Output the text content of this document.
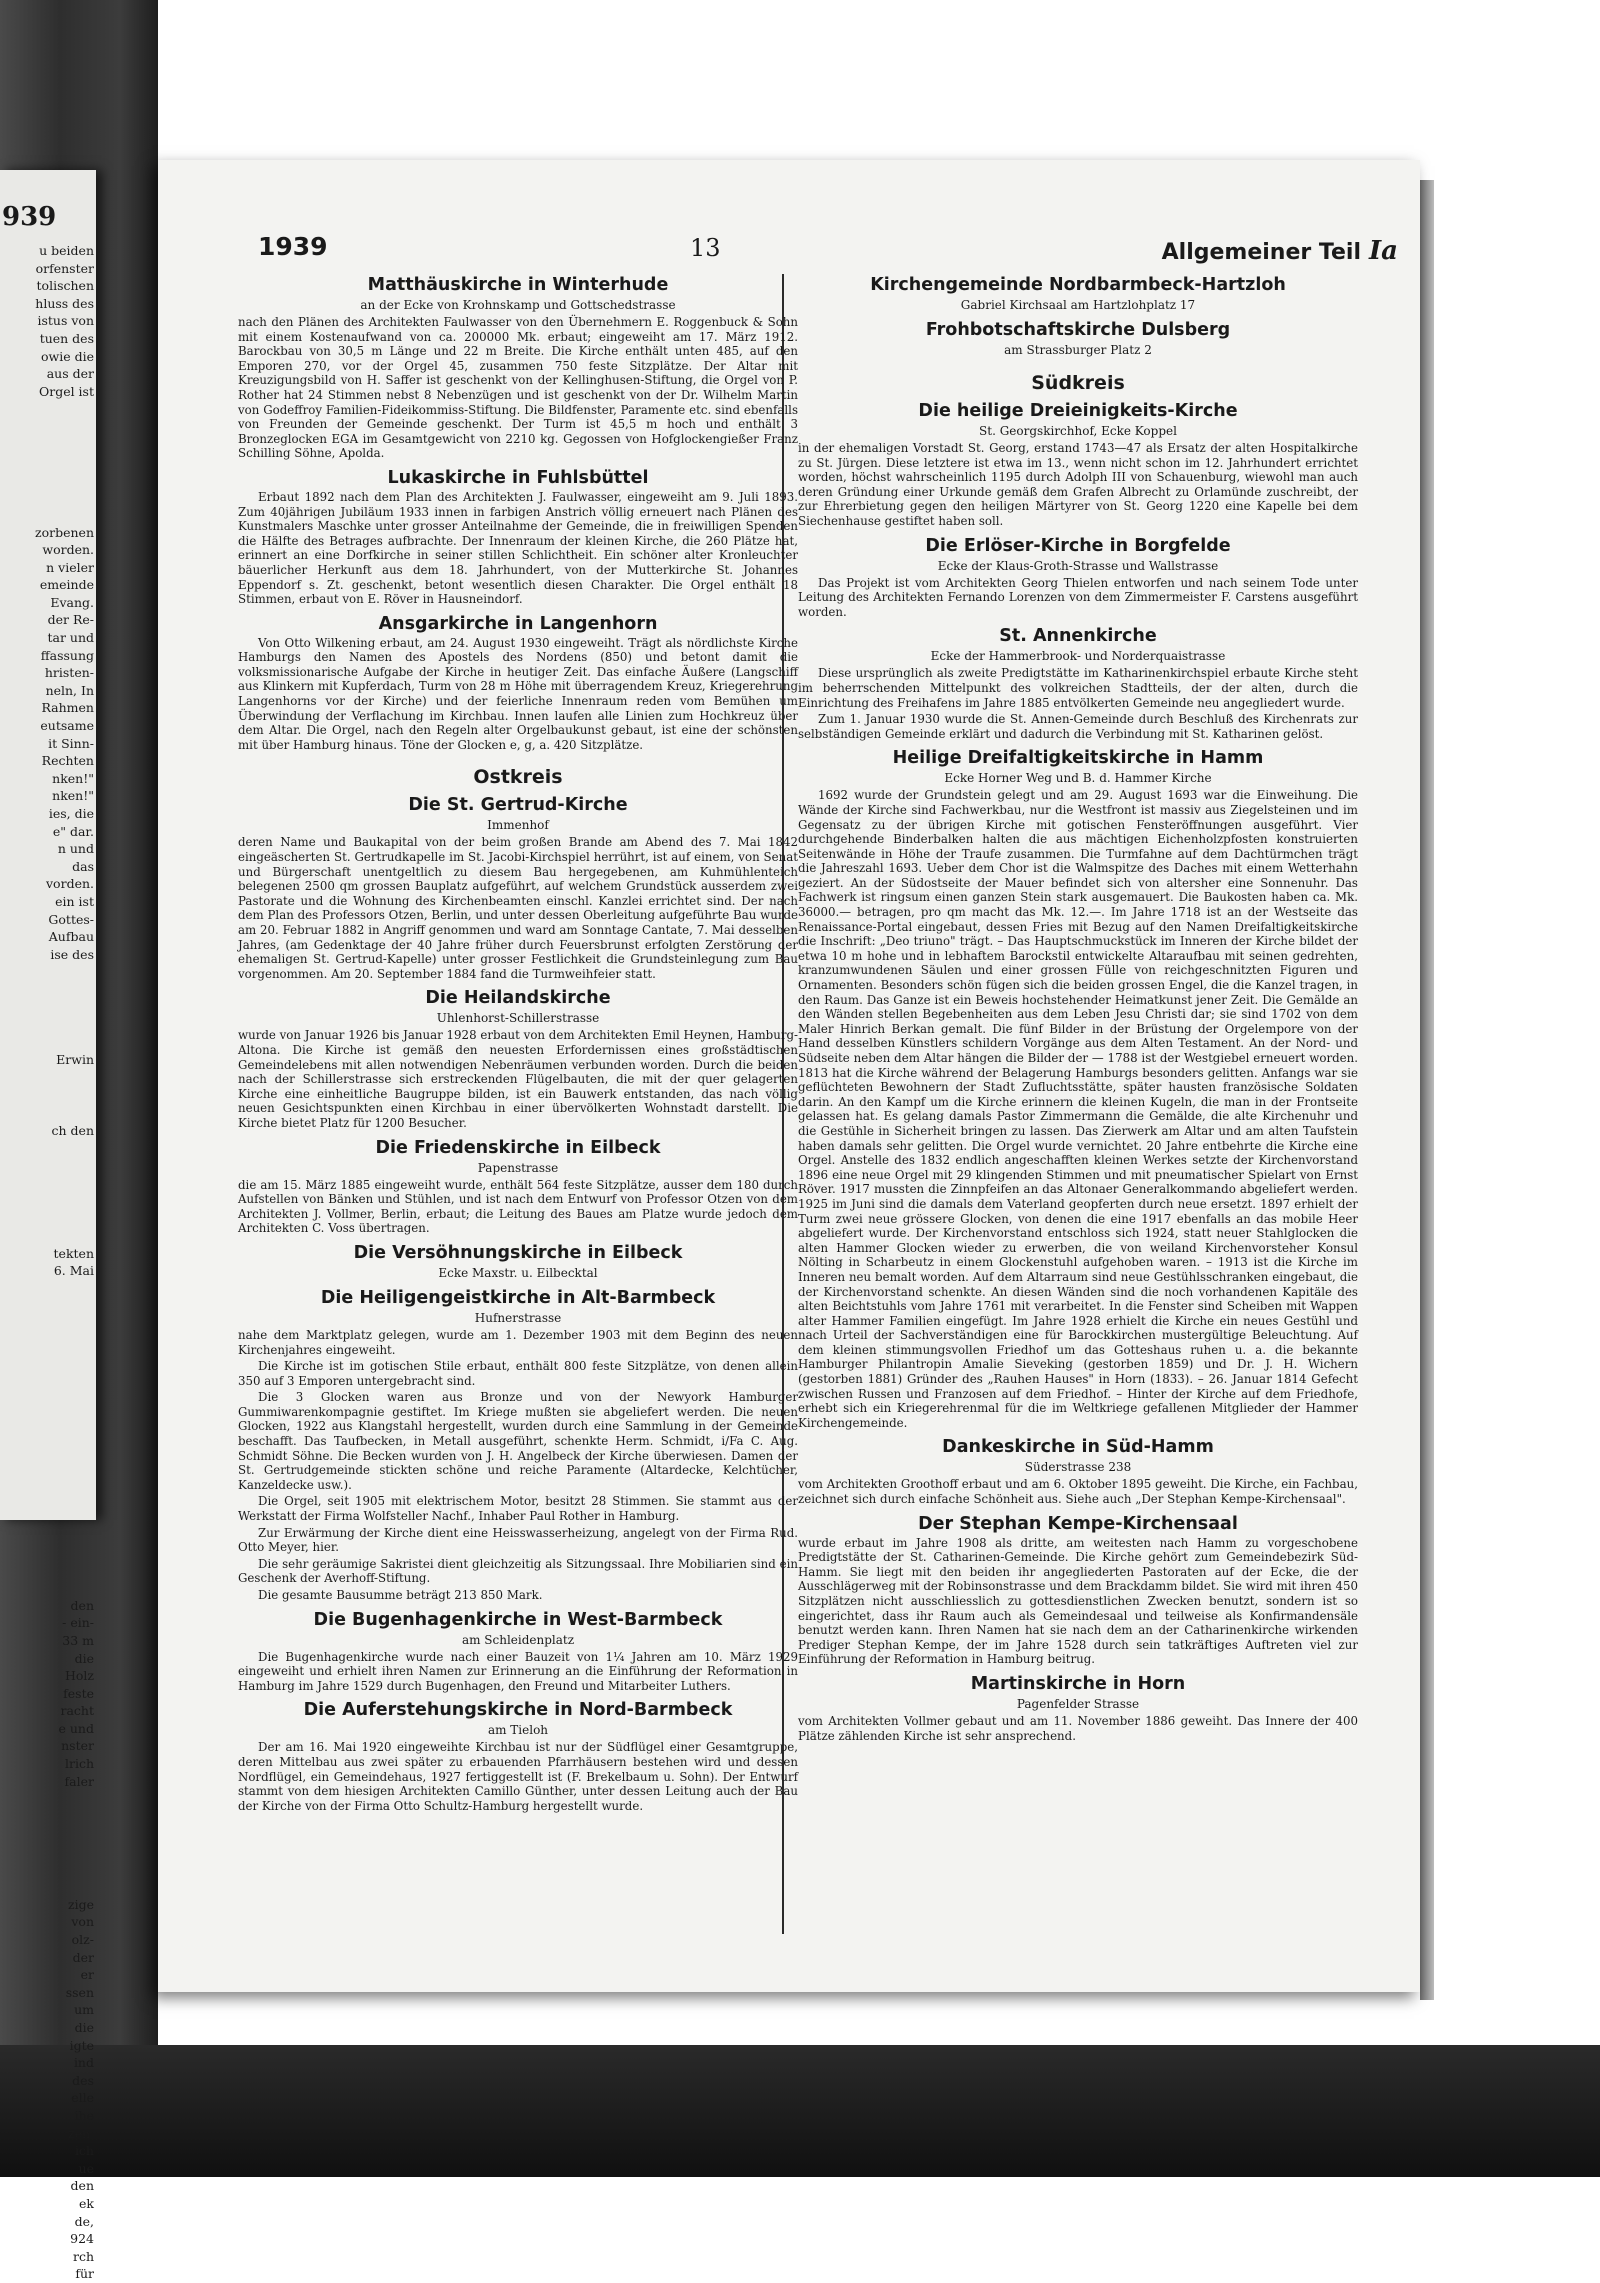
939
u beiden
orfenster
tolischen
hluss des
istus von
tuen des
owie die
aus der
Orgel ist

zorbenen
worden.
n vieler
emeinde
Evang.
der Re-
tar und
ffassung
hristen-
neln, In
Rahmen
eutsame
it Sinn-
Rechten
nken!"
nken!"
ies, die
e" dar.
n und
das
vorden.
ein ist
Gottes-
Aufbau
ise des

Erwin

ch den

tekten
6. Mai

den
- ein-
33 m
die
Holz
feste
racht
e und
nster
lrich
faler

zige
von
olz-
der
er
ssen
um
die
igte
ind
des
elle
ihe
zen.
ich
ue
den
ek
de,
924
rch
für
1939	13	Allgemeiner Teil Ia
Matthäuskirche in Winterhude
an der Ecke von Krohnskamp und Gottschedstrasse
nach den Plänen des Architekten Faulwasser von den Übernehmern E. Roggenbuck & Sohn mit einem Kostenaufwand von ca. 200000 Mk. erbaut; eingeweiht am 17. März 1912. Barockbau von 30,5 m Länge und 22 m Breite. Die Kirche enthält unten 485, auf den Emporen 270, vor der Orgel 45, zusammen 750 feste Sitzplätze. Der Altar mit Kreuzigungsbild von H. Saffer ist geschenkt von der Kellinghusen-Stiftung, die Orgel von P. Rother hat 24 Stimmen nebst 8 Nebenzügen und ist geschenkt von der Dr. Wilhelm Martin von Godeffroy Familien-Fideikommiss-Stiftung. Die Bildfenster, Paramente etc. sind ebenfalls von Freunden der Gemeinde geschenkt. Der Turm ist 45,5 m hoch und enthält 3 Bronzeglocken EGA im Gesamtgewicht von 2210 kg. Gegossen von Hofglockengießer Franz Schilling Söhne, Apolda.
Lukaskirche in Fuhlsbüttel
Erbaut 1892 nach dem Plan des Architekten J. Faulwasser, eingeweiht am 9. Juli 1893. Zum 40jährigen Jubiläum 1933 innen in farbigen Anstrich völlig erneuert nach Plänen des Kunstmalers Maschke unter grosser Anteilnahme der Gemeinde, die in freiwilligen Spenden die Hälfte des Betrages aufbrachte. Der Innenraum der kleinen Kirche, die 260 Plätze hat, erinnert an eine Dorfkirche in seiner stillen Schlichtheit. Ein schöner alter Kronleuchter bäuerlicher Herkunft aus dem 18. Jahrhundert, von der Mutterkirche St. Johannes Eppendorf s. Zt. geschenkt, betont wesentlich diesen Charakter. Die Orgel enthält 18 Stimmen, erbaut von E. Röver in Hausneindorf.
Ansgarkirche in Langenhorn
Von Otto Wilkening erbaut, am 24. August 1930 eingeweiht. Trägt als nördlichste Kirche Hamburgs den Namen des Apostels des Nordens (850) und betont damit die volksmissionarische Aufgabe der Kirche in heutiger Zeit. Das einfache Äußere (Langschiff aus Klinkern mit Kupferdach, Turm von 28 m Höhe mit überragendem Kreuz, Kriegerehrung Langenhorns vor der Kirche) und der feierliche Innenraum reden vom Bemühen um Überwindung der Verflachung im Kirchbau. Innen laufen alle Linien zum Hochkreuz über dem Altar. Die Orgel, nach den Regeln alter Orgelbaukunst gebaut, ist eine der schönsten mit über Hamburg hinaus. Töne der Glocken e, g, a. 420 Sitzplätze.
Ostkreis
Die St. Gertrud-Kirche
Immenhof
deren Name und Baukapital von der beim großen Brande am Abend des 7. Mai 1842 eingeäscherten St. Gertrudkapelle im St. Jacobi-Kirchspiel herrührt, ist auf einem, von Senat und Bürgerschaft unentgeltlich zu diesem Bau hergegebenen, am Kuhmühlenteich belegenen 2500 qm grossen Bauplatz aufgeführt, auf welchem Grundstück ausserdem zwei Pastorate und die Wohnung des Kirchenbeamten einschl. Kanzlei errichtet sind. Der nach dem Plan des Professors Otzen, Berlin, und unter dessen Oberleitung aufgeführte Bau wurde am 20. Februar 1882 in Angriff genommen und ward am Sonntage Cantate, 7. Mai desselben Jahres, (am Gedenktage der 40 Jahre früher durch Feuersbrunst erfolgten Zerstörung der ehemaligen St. Gertrud-Kapelle) unter grosser Festlichkeit die Grundsteinlegung zum Bau vorgenommen. Am 20. September 1884 fand die Turmweihfeier statt.
Die Heilandskirche
Uhlenhorst-Schillerstrasse
wurde von Januar 1926 bis Januar 1928 erbaut von dem Architekten Emil Heynen, Hamburg-Altona. Die Kirche ist gemäß den neuesten Erfordernissen eines großstädtischen Gemeindelebens mit allen notwendigen Nebenräumen verbunden worden. Durch die beiden nach der Schillerstrasse sich erstreckenden Flügelbauten, die mit der quer gelagerten Kirche eine einheitliche Baugruppe bilden, ist ein Bauwerk entstanden, das nach völlig neuen Gesichtspunkten einen Kirchbau in einer übervölkerten Wohnstadt darstellt. Die Kirche bietet Platz für 1200 Besucher.
Die Friedenskirche in Eilbeck
Papenstrasse
die am 15. März 1885 eingeweiht wurde, enthält 564 feste Sitzplätze, ausser dem 180 durch Aufstellen von Bänken und Stühlen, und ist nach dem Entwurf von Professor Otzen von dem Architekten J. Vollmer, Berlin, erbaut; die Leitung des Baues am Platze wurde jedoch dem Architekten C. Voss übertragen.
Die Versöhnungskirche in Eilbeck
Ecke Maxstr. u. Eilbecktal
Die Heiligengeistkirche in Alt-Barmbeck
Hufnerstrasse
nahe dem Marktplatz gelegen, wurde am 1. Dezember 1903 mit dem Beginn des neuen Kirchenjahres eingeweiht.
Die Kirche ist im gotischen Stile erbaut, enthält 800 feste Sitzplätze, von denen allein 350 auf 3 Emporen untergebracht sind.
Die 3 Glocken waren aus Bronze und von der Newyork Hamburger Gummiwarenkompagnie gestiftet. Im Kriege mußten sie abgeliefert werden. Die neuen Glocken, 1922 aus Klangstahl hergestellt, wurden durch eine Sammlung in der Gemeinde beschafft. Das Taufbecken, in Metall ausgeführt, schenkte Herm. Schmidt, i/Fa C. Aug. Schmidt Söhne. Die Becken wurden von J. H. Angelbeck der Kirche überwiesen. Damen der St. Gertrudgemeinde stickten schöne und reiche Paramente (Altardecke, Kelchtücher, Kanzeldecke usw.).
Die Orgel, seit 1905 mit elektrischem Motor, besitzt 28 Stimmen. Sie stammt aus der Werkstatt der Firma Wolfsteller Nachf., Inhaber Paul Rother in Hamburg.
Zur Erwärmung der Kirche dient eine Heisswasserheizung, angelegt von der Firma Rud. Otto Meyer, hier.
Die sehr geräumige Sakristei dient gleichzeitig als Sitzungssaal. Ihre Mobiliarien sind ein Geschenk der Averhoff-Stiftung.
Die gesamte Bausumme beträgt 213 850 Mark.
Die Bugenhagenkirche in West-Barmbeck
am Schleidenplatz
Die Bugenhagenkirche wurde nach einer Bauzeit von 1¼ Jahren am 10. März 1929 eingeweiht und erhielt ihren Namen zur Erinnerung an die Einführung der Reformation in Hamburg im Jahre 1529 durch Bugenhagen, den Freund und Mitarbeiter Luthers.
Die Auferstehungskirche in Nord-Barmbeck
am Tieloh
Der am 16. Mai 1920 eingeweihte Kirchbau ist nur der Südflügel einer Gesamtgruppe, deren Mittelbau aus zwei später zu erbauenden Pfarrhäusern bestehen wird und dessen Nordflügel, ein Gemeindehaus, 1927 fertiggestellt ist (F. Brekelbaum u. Sohn). Der Entwurf stammt von dem hiesigen Architekten Camillo Günther, unter dessen Leitung auch der Bau der Kirche von der Firma Otto Schultz-Hamburg hergestellt wurde.
Kirchengemeinde Nordbarmbeck-Hartzloh
Gabriel Kirchsaal am Hartzlohplatz 17
Frohbotschaftskirche Dulsberg
am Strassburger Platz 2
Südkreis
Die heilige Dreieinigkeits-Kirche
St. Georgskirchhof, Ecke Koppel
in der ehemaligen Vorstadt St. Georg, erstand 1743—47 als Ersatz der alten Hospitalkirche zu St. Jürgen. Diese letztere ist etwa im 13., wenn nicht schon im 12. Jahrhundert errichtet worden, höchst wahrscheinlich 1195 durch Adolph III von Schauenburg, wiewohl man auch deren Gründung einer Urkunde gemäß dem Grafen Albrecht zu Orlamünde zuschreibt, der zur Ehrerbietung gegen den heiligen Märtyrer von St. Georg 1220 eine Kapelle bei dem Siechenhause gestiftet haben soll.
Die Erlöser-Kirche in Borgfelde
Ecke der Klaus-Groth-Strasse und Wallstrasse
Das Projekt ist vom Architekten Georg Thielen entworfen und nach seinem Tode unter Leitung des Architekten Fernando Lorenzen von dem Zimmermeister F. Carstens ausgeführt worden.
St. Annenkirche
Ecke der Hammerbrook- und Norderquaistrasse
Diese ursprünglich als zweite Predigtstätte im Katharinenkirchspiel erbaute Kirche steht im beherrschenden Mittelpunkt des volkreichen Stadtteils, der der alten, durch die Einrichtung des Freihafens im Jahre 1885 entvölkerten Gemeinde neu angegliedert wurde.
Zum 1. Januar 1930 wurde die St. Annen-Gemeinde durch Beschluß des Kirchenrats zur selbständigen Gemeinde erklärt und dadurch die Verbindung mit St. Katharinen gelöst.
Heilige Dreifaltigkeitskirche in Hamm
Ecke Horner Weg und B. d. Hammer Kirche
1692 wurde der Grundstein gelegt und am 29. August 1693 war die Einweihung. Die Wände der Kirche sind Fachwerkbau, nur die Westfront ist massiv aus Ziegelsteinen und im Gegensatz zu der übrigen Kirche mit gotischen Fensteröffnungen ausgeführt. Vier durchgehende Binderbalken halten die aus mächtigen Eichenholzpfosten konstruierten Seitenwände in Höhe der Traufe zusammen. Die Turmfahne auf dem Dachtürmchen trägt die Jahreszahl 1693. Ueber dem Chor ist die Walmspitze des Daches mit einem Wetterhahn geziert. An der Südostseite der Mauer befindet sich von altersher eine Sonnenuhr. Das Fachwerk ist ringsum einen ganzen Stein stark ausgemauert. Die Baukosten haben ca. Mk. 36000.— betragen, pro qm macht das Mk. 12.—. Im Jahre 1718 ist an der Westseite das Renaissance-Portal eingebaut, dessen Fries mit Bezug auf den Namen Dreifaltigkeitskirche die Inschrift: „Deo triuno" trägt. – Das Hauptschmuckstück im Inneren der Kirche bildet der etwa 10 m hohe und in lebhaftem Barockstil entwickelte Altaraufbau mit seinen gedrehten, kranzumwundenen Säulen und einer grossen Fülle von reichgeschnitzten Figuren und Ornamenten. Besonders schön fügen sich die beiden grossen Engel, die die Kanzel tragen, in den Raum. Das Ganze ist ein Beweis hochstehender Heimatkunst jener Zeit. Die Gemälde an den Wänden stellen Begebenheiten aus dem Leben Jesu Christi dar; sie sind 1702 von dem Maler Hinrich Berkan gemalt. Die fünf Bilder in der Brüstung der Orgelempore von der Hand desselben Künstlers schildern Vorgänge aus dem Alten Testament. An der Nord- und Südseite neben dem Altar hängen die Bilder der — 1788 ist der Westgiebel erneuert worden. 1813 hat die Kirche während der Belagerung Hamburgs besonders gelitten. Anfangs war sie geflüchteten Bewohnern der Stadt Zufluchtsstätte, später hausten französische Soldaten darin. An den Kampf um die Kirche erinnern die kleinen Kugeln, die man in der Frontseite gelassen hat. Es gelang damals Pastor Zimmermann die Gemälde, die alte Kirchenuhr und die Gestühle in Sicherheit bringen zu lassen. Das Zierwerk am Altar und am alten Taufstein haben damals sehr gelitten. Die Orgel wurde vernichtet. 20 Jahre entbehrte die Kirche eine Orgel. Anstelle des 1832 endlich angeschafften kleinen Werkes setzte der Kirchenvorstand 1896 eine neue Orgel mit 29 klingenden Stimmen und mit pneumatischer Spielart von Ernst Röver. 1917 mussten die Zinnpfeifen an das Altonaer Generalkommando abgeliefert werden. 1925 im Juni sind die damals dem Vaterland geopferten durch neue ersetzt. 1897 erhielt der Turm zwei neue grössere Glocken, von denen die eine 1917 ebenfalls an das mobile Heer abgeliefert wurde. Der Kirchenvorstand entschloss sich 1924, statt neuer Stahlglocken die alten Hammer Glocken wieder zu erwerben, die von weiland Kirchenvorsteher Konsul Nölting in Scharbeutz in einem Glockenstuhl aufgehoben waren. – 1913 ist die Kirche im Inneren neu bemalt worden. Auf dem Altarraum sind neue Gestühlsschranken eingebaut, die der Kirchenvorstand schenkte. An diesen Wänden sind die noch vorhandenen Kapitäle des alten Beichtstuhls vom Jahre 1761 mit verarbeitet. In die Fenster sind Scheiben mit Wappen alter Hammer Familien eingefügt. Im Jahre 1928 erhielt die Kirche ein neues Gestühl und nach Urteil der Sachverständigen eine für Barockkirchen mustergültige Beleuchtung. Auf dem kleinen stimmungsvollen Friedhof um das Gotteshaus ruhen u. a. die bekannte Hamburger Philantropin Amalie Sieveking (gestorben 1859) und Dr. J. H. Wichern (gestorben 1881) Gründer des „Rauhen Hauses" in Horn (1833). – 26. Januar 1814 Gefecht zwischen Russen und Franzosen auf dem Friedhof. – Hinter der Kirche auf dem Friedhofe, erhebt sich ein Kriegerehrenmal für die im Weltkriege gefallenen Mitglieder der Hammer Kirchengemeinde.
Dankeskirche in Süd-Hamm
Süderstrasse 238
vom Architekten Groothoff erbaut und am 6. Oktober 1895 geweiht. Die Kirche, ein Fachbau, zeichnet sich durch einfache Schönheit aus. Siehe auch „Der Stephan Kempe-Kirchensaal".
Der Stephan Kempe-Kirchensaal
wurde erbaut im Jahre 1908 als dritte, am weitesten nach Hamm zu vorgeschobene Predigtstätte der St. Catharinen-Gemeinde. Die Kirche gehört zum Gemeindebezirk Süd-Hamm. Sie liegt mit den beiden ihr angegliederten Pastoraten auf der Ecke, die der Ausschlägerweg mit der Robinsonstrasse und dem Brackdamm bildet. Sie wird mit ihren 450 Sitzplätzen nicht ausschliesslich zu gottesdienstlichen Zwecken benutzt, sondern ist so eingerichtet, dass ihr Raum auch als Gemeindesaal und teilweise als Konfirmandensäle benutzt werden kann. Ihren Namen hat sie nach dem an der Catharinenkirche wirkenden Prediger Stephan Kempe, der im Jahre 1528 durch sein tatkräftiges Auftreten viel zur Einführung der Reformation in Hamburg beitrug.
Martinskirche in Horn
Pagenfelder Strasse
vom Architekten Vollmer gebaut und am 11. November 1886 geweiht. Das Innere der 400 Plätze zählenden Kirche ist sehr ansprechend.
